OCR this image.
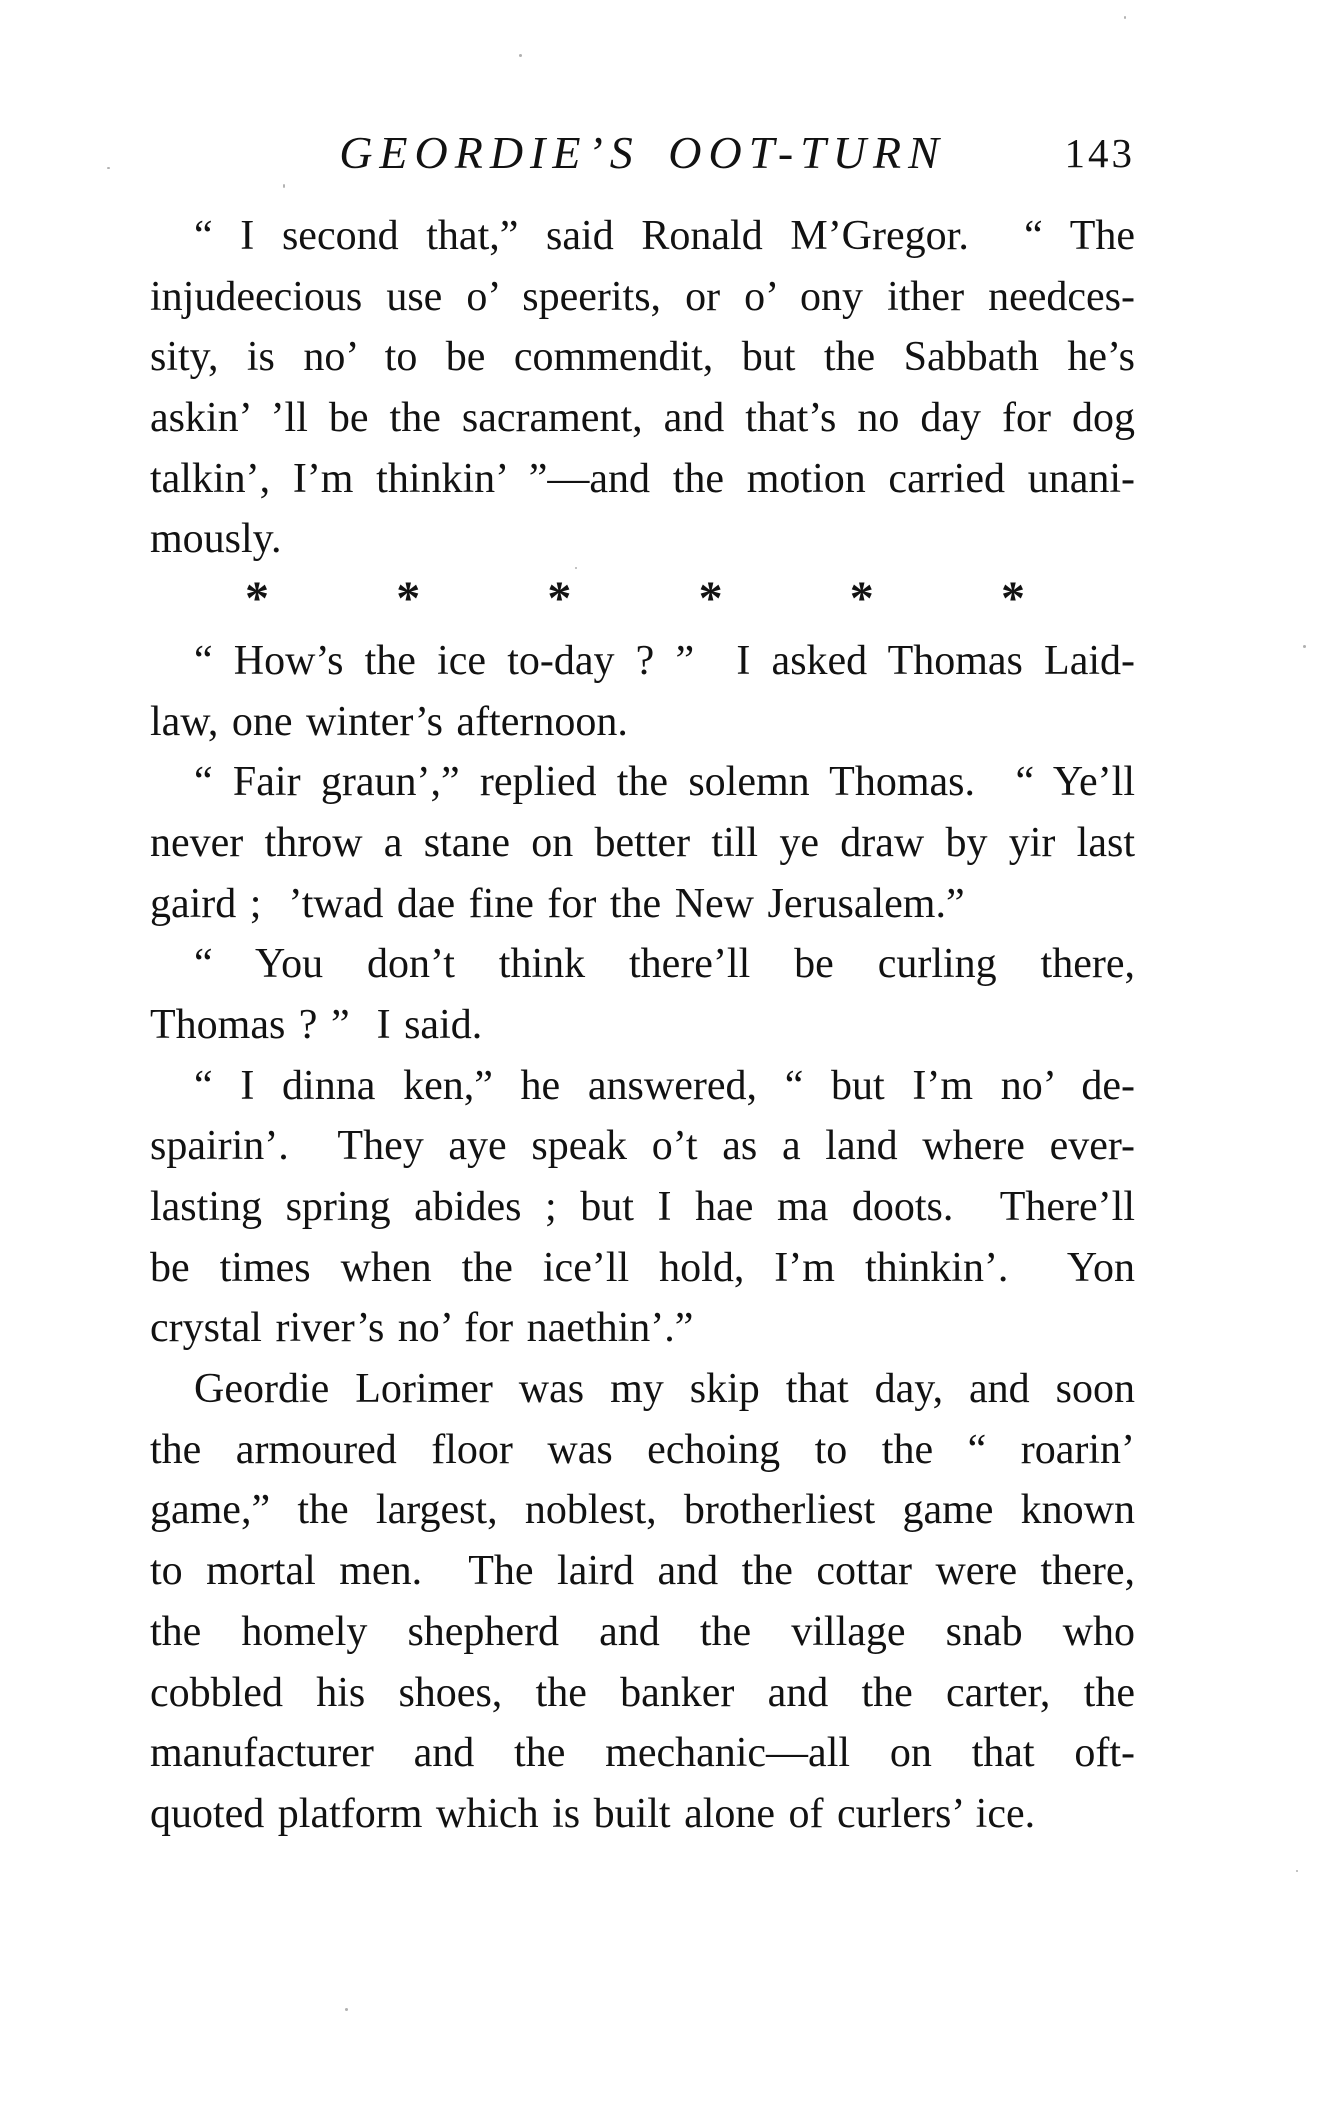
GEORDIE’S OOT-TURN	143
“ I second that,” said Ronald M’Gregor.  “ The
injudeecious use o’ speerits, or o’ ony ither needces-
sity, is no’ to be commendit, but the Sabbath he’s
askin’ ’ll be the sacrament, and that’s no day for dog
talkin’, I’m thinkin’ ”—and the motion carried unani-
mously.
*	*	*	*	*	*
“ How’s the ice to-day ? ”  I asked Thomas Laid-
law, one winter’s afternoon.
“ Fair graun’,” replied the solemn Thomas.  “ Ye’ll
never throw a stane on better till ye draw by yir last
gaird ;  ’twad dae fine for the New Jerusalem.”
“ You don’t think there’ll be curling there,
Thomas ? ”  I said.
“ I dinna ken,” he answered, “ but I’m no’ de-
spairin’.  They aye speak o’t as a land where ever-
lasting spring abides ; but I hae ma doots.  There’ll
be times when the ice’ll hold, I’m thinkin’.  Yon
crystal river’s no’ for naethin’.”
Geordie Lorimer was my skip that day, and soon
the armoured floor was echoing to the “ roarin’
game,” the largest, noblest, brotherliest game known
to mortal men.  The laird and the cottar were there,
the homely shepherd and the village snab who
cobbled his shoes, the banker and the carter, the
manufacturer and the mechanic—all on that oft-
quoted platform which is built alone of curlers’ ice.
